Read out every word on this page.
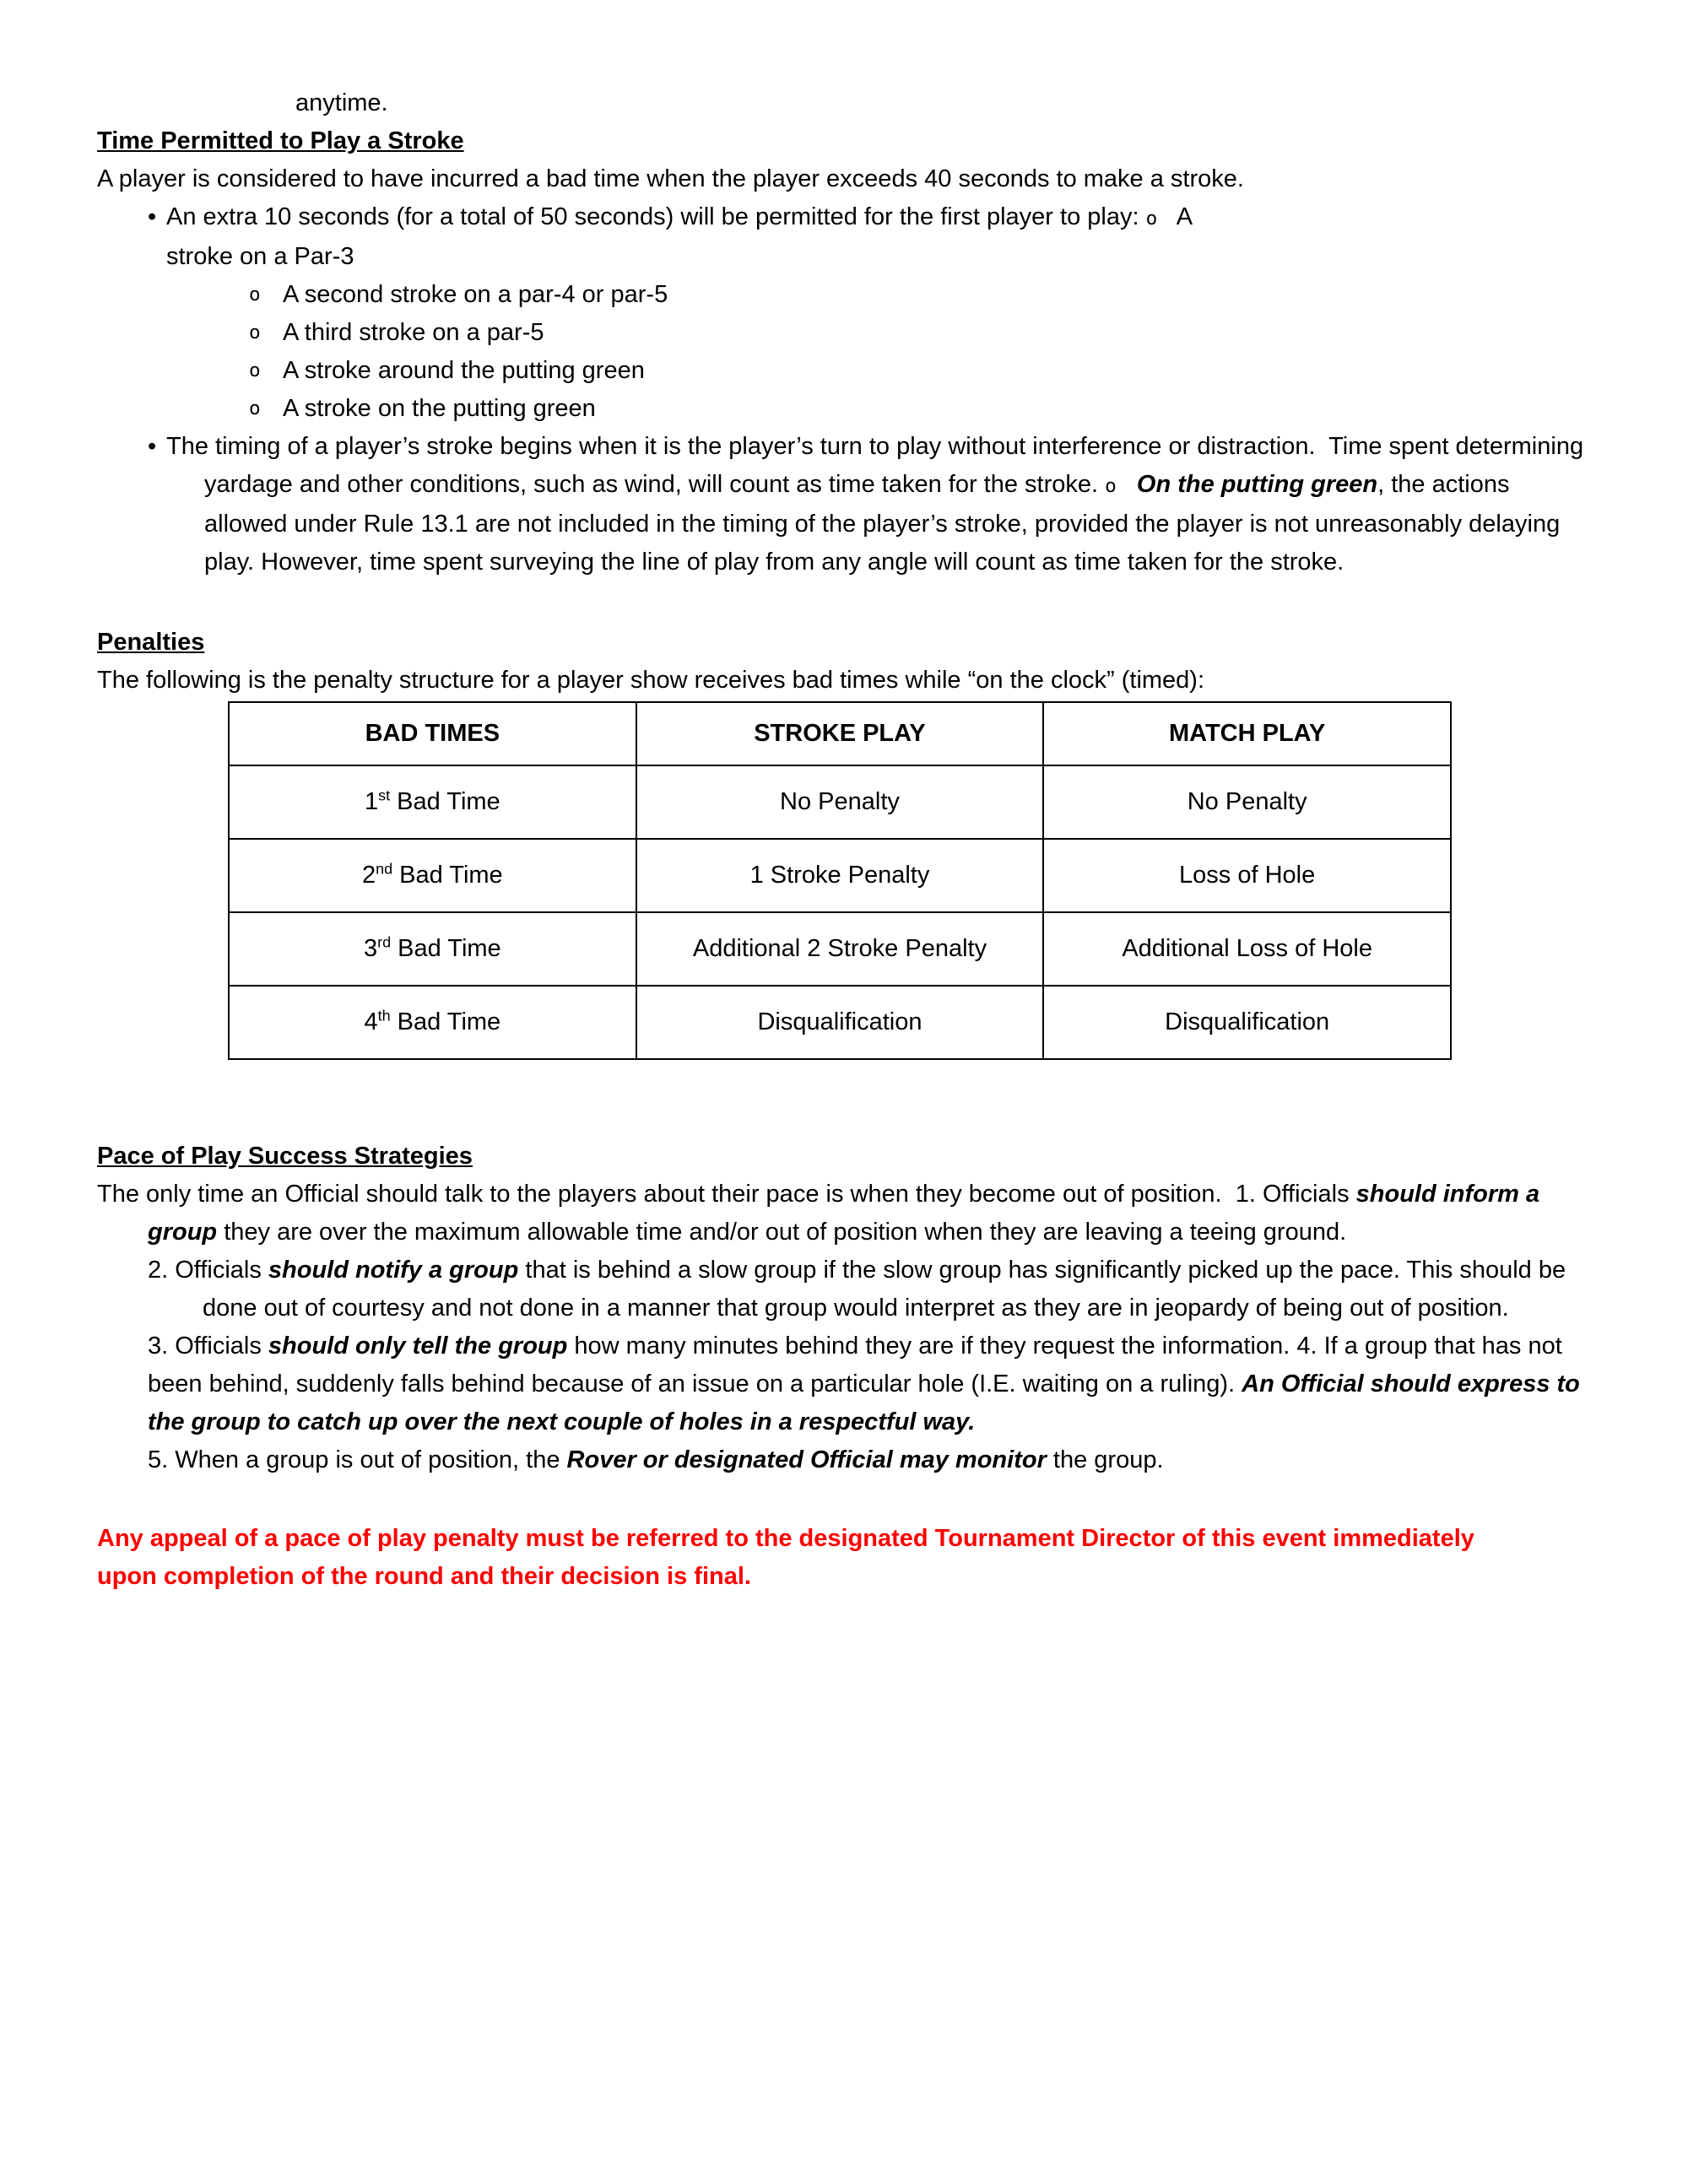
anytime.

Time Permitted to Play a Stroke

A player is considered to have incurred a bad time when the player exceeds 40 seconds to make a stroke.

• An extra 10 seconds (for a total of 50 seconds) will be permitted for the first player to play: o   A
stroke on a Par-3
o A second stroke on a par-4 or par-5
o A third stroke on a par-5
o A stroke around the putting green
o A stroke on the putting green
• The timing of a player’s stroke begins when it is the player’s turn to play without interference or distraction.  Time spent determining yardage and other conditions, such as wind, will count as time taken for the stroke. o On the putting green, the actions allowed under Rule 13.1 are not included in the timing of the player’s stroke, provided the player is not unreasonably delaying play. However, time spent surveying the line of play from any angle will count as time taken for the stroke.
Penalties

The following is the penalty structure for a player show receives bad times while “on the clock” (timed):

BAD TIMES	STROKE PLAY	MATCH PLAY
1st Bad Time	No Penalty	No Penalty
2nd Bad Time	1 Stroke Penalty	Loss of Hole
3rd Bad Time	Additional 2 Stroke Penalty	Additional Loss of Hole
4th Bad Time	Disqualification	Disqualification
Pace of Play Success Strategies
The only time an Official should talk to the players about their pace is when they become out of position.  1. Officials should inform a group they are over the maximum allowable time and/or out of position when they are leaving a teeing ground.
2. Officials should notify a group that is behind a slow group if the slow group has significantly picked up the pace. This should be done out of courtesy and not done in a manner that group would interpret as they are in jeopardy of being out of position.
3. Officials should only tell the group how many minutes behind they are if they request the information. 4. If a group that has not been behind, suddenly falls behind because of an issue on a particular hole (I.E. waiting on a ruling). An Official should express to the group to catch up over the next couple of holes in a respectful way.
5. When a group is out of position, the Rover or designated Official may monitor the group.

Any appeal of a pace of play penalty must be referred to the designated Tournament Director of this event immediately upon completion of the round and their decision is final.
